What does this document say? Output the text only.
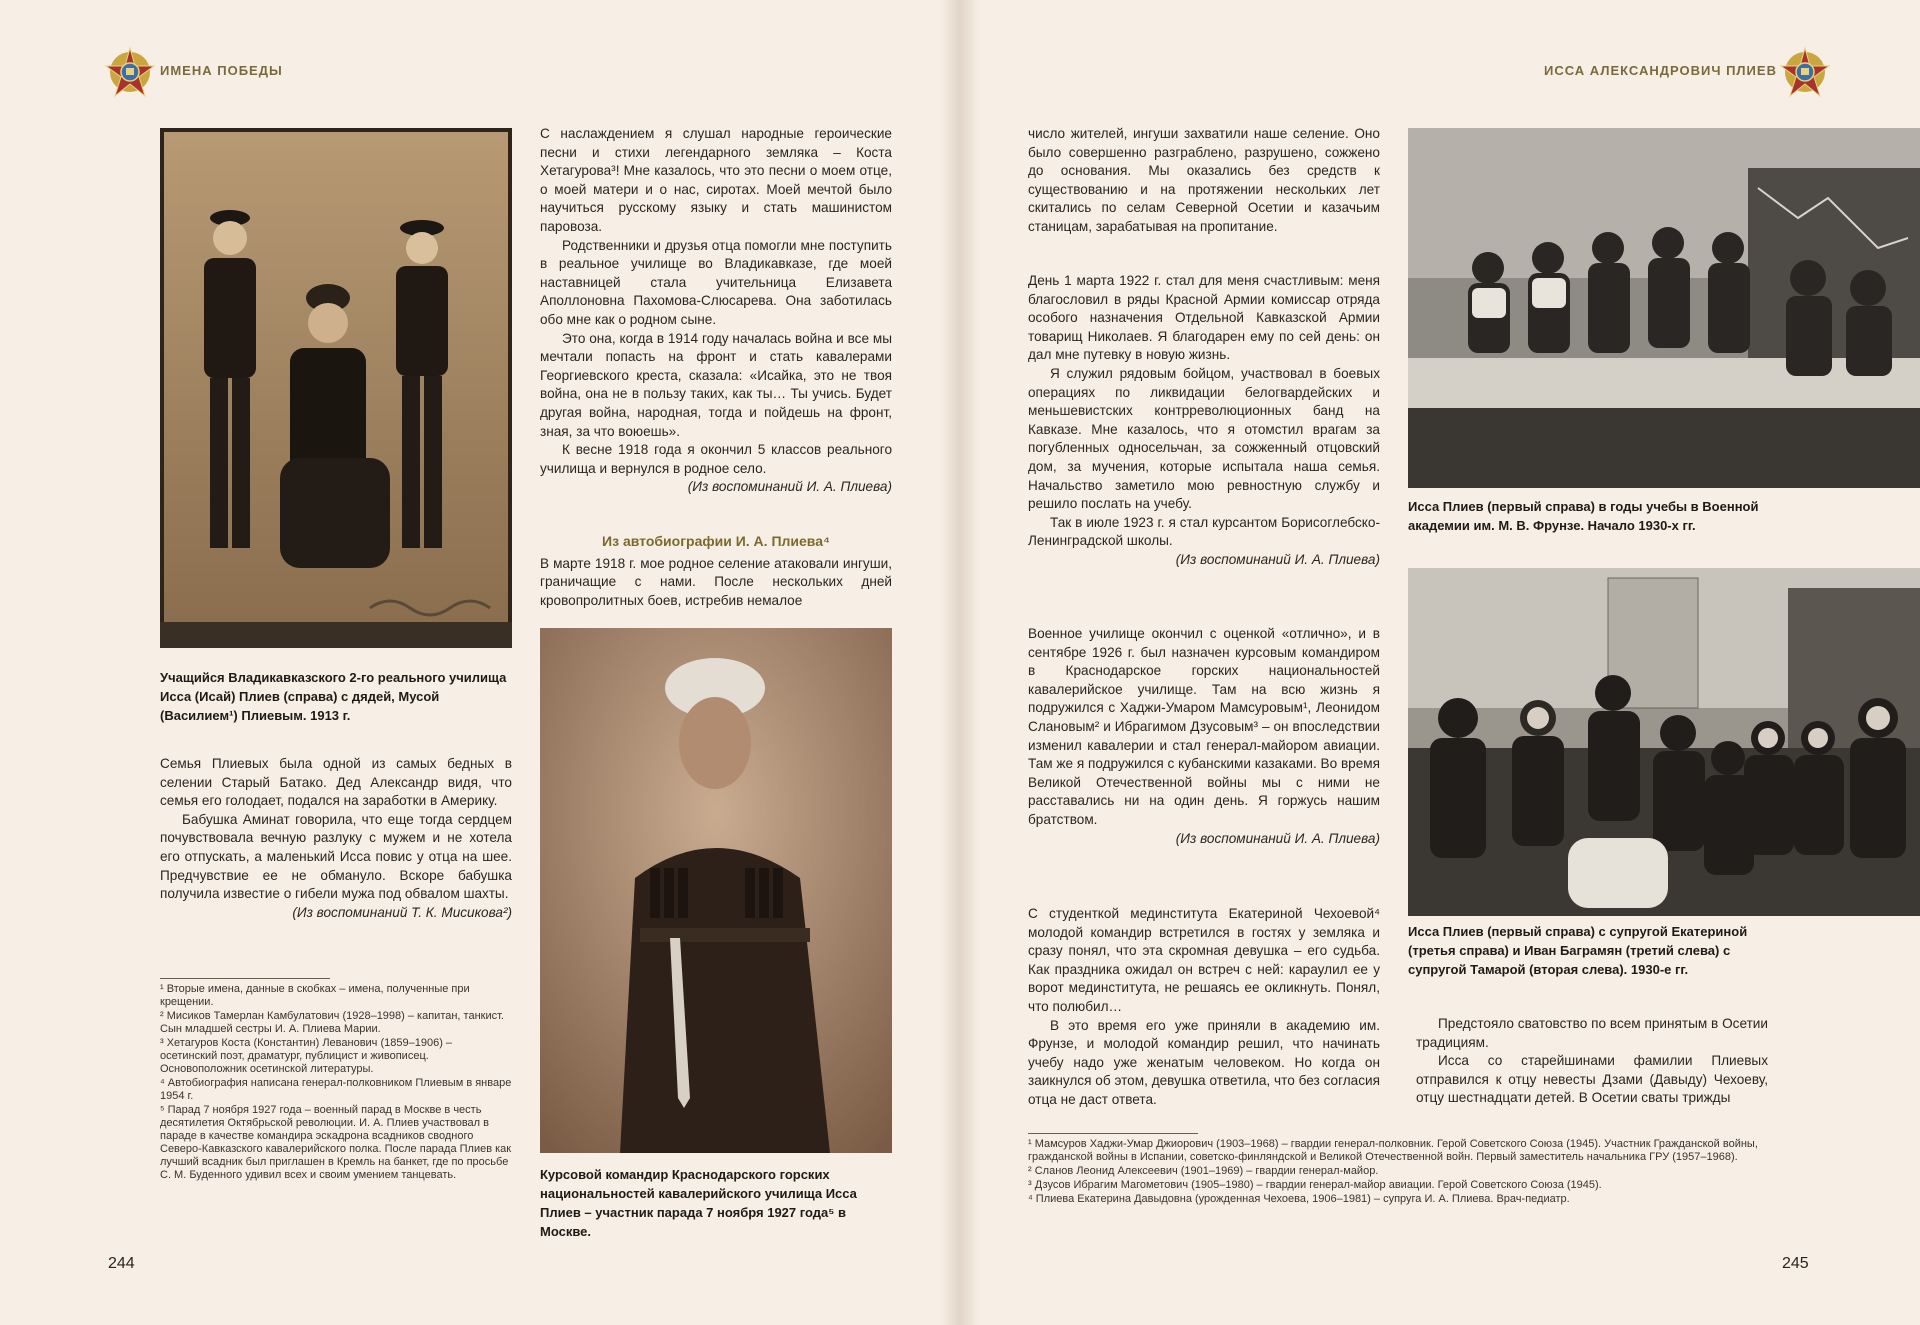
ИМЕНА ПОБЕДЫ
Учащийся Владикавказского 2-го реального училища Исса (Исай) Плиев (справа) с дядей, Мусой (Василием¹) Плиевым. 1913 г.

Семья Плиевых была одной из самых бедных в селении Старый Батако. Дед Александр видя, что семья его голодает, подался на заработки в Америку.

Бабушка Аминат говорила, что еще тогда сердцем почувствовала вечную разлуку с мужем и не хотела его отпускать, а маленький Исса повис у отца на шее. Предчувствие ее не обмануло. Вскоре бабушка получила известие о гибели мужа под обвалом шахты.

(Из воспоминаний Т. К. Мисикова²)

¹ Вторые имена, данные в скобках – имена, полученные при крещении.
² Мисиков Тамерлан Камбулатович (1928–1998) – капитан, танкист. Сын младшей сестры И. А. Плиева Марии.
³ Хетагуров Коста (Константин) Леванович (1859–1906) – осетинский поэт, драматург, публицист и живописец. Основоположник осетинской литературы.
⁴ Автобиография написана генерал-полковником Плиевым в январе 1954 г.
⁵ Парад 7 ноября 1927 года – военный парад в Москве в честь десятилетия Октябрьской революции. И. А. Плиев участвовал в параде в качестве командира эскадрона всадников сводного Северо-Кавказского кавалерийского полка. После парада Плиев как лучший всадник был приглашен в Кремль на банкет, где по просьбе С. М. Буденного удивил всех и своим умением танцевать.

С наслаждением я слушал народные героические песни и стихи легендарного земляка – Коста Хетагурова³! Мне казалось, что это песни о моем отце, о моей матери и о нас, сиротах. Моей мечтой было научиться русскому языку и стать машинистом паровоза.

Родственники и друзья отца помогли мне поступить в реальное училище во Владикавказе, где моей наставницей стала учительница Елизавета Аполлоновна Пахомова-Слюсарева. Она заботилась обо мне как о родном сыне.

Это она, когда в 1914 году началась война и все мы мечтали попасть на фронт и стать кавалерами Георгиевского креста, сказала: «Исайка, это не твоя война, она не в пользу таких, как ты… Ты учись. Будет другая война, народная, тогда и пойдешь на фронт, зная, за что воюешь».

К весне 1918 года я окончил 5 классов реального училища и вернулся в родное село.

(Из воспоминаний И. А. Плиева)

Из автобиографии И. А. Плиева⁴

В марте 1918 г. мое родное селение атаковали ингуши, граничащие с нами. После нескольких дней кровопролитных боев, истребив немалое

Курсовой командир Краснодарского горских национальностей кавалерийского училища Исса Плиев – участник парада 7 ноября 1927 года⁵ в Москве.
244
ИССА АЛЕКСАНДРОВИЧ ПЛИЕВ

число жителей, ингуши захватили наше селение. Оно было совершенно разграблено, разрушено, сожжено до основания. Мы оказались без средств к существованию и на протяжении нескольких лет скитались по селам Северной Осетии и казачьим станицам, зарабатывая на пропитание.

День 1 марта 1922 г. стал для меня счастливым: меня благословил в ряды Красной Армии комиссар отряда особого назначения Отдельной Кавказской Армии товарищ Николаев. Я благодарен ему по сей день: он дал мне путевку в новую жизнь.

Я служил рядовым бойцом, участвовал в боевых операциях по ликвидации белогвардейских и меньшевистских контрреволюционных банд на Кавказе. Мне казалось, что я отомстил врагам за погубленных односельчан, за сожженный отцовский дом, за мучения, которые испытала наша семья. Начальство заметило мою ревностную службу и решило послать на учебу.

Так в июле 1923 г. я стал курсантом Борисоглебско-Ленинградской школы.

(Из воспоминаний И. А. Плиева)

Военное училище окончил с оценкой «отлично», и в сентябре 1926 г. был назначен курсовым командиром в Краснодарское горских национальностей кавалерийское училище. Там на всю жизнь я подружился с Хаджи-Умаром Мамсуровым¹, Леонидом Слановым² и Ибрагимом Дзусовым³ – он впоследствии изменил кавалерии и стал генерал-майором авиации. Там же я подружился с кубанскими казаками. Во время Великой Отечественной войны мы с ними не расставались ни на один день. Я горжусь нашим братством.

(Из воспоминаний И. А. Плиева)

С студенткой мединститута Екатериной Чехоевой⁴ молодой командир встретился в гостях у земляка и сразу понял, что эта скромная девушка – его судьба. Как праздника ожидал он встреч с ней: караулил ее у ворот мединститута, не решаясь ее окликнуть. Понял, что полюбил…

В это время его уже приняли в академию им. Фрунзе, и молодой командир решил, что начинать учебу надо уже женатым человеком. Но когда он заикнулся об этом, девушка ответила, что без согласия отца не даст ответа.

Исса Плиев (первый справа) в годы учебы в Военной академии им. М. В. Фрунзе. Начало 1930-х гг.
Исса Плиев (первый справа) с супругой Екатериной (третья справа) и Иван Баграмян (третий слева) с супругой Тамарой (вторая слева). 1930-е гг.

Предстояло сватовство по всем принятым в Осетии традициям.

Исса со старейшинами фамилии Плиевых отправился к отцу невесты Дзами (Давыду) Чехоеву, отцу шестнадцати детей. В Осетии сваты трижды

¹ Мамсуров Хаджи-Умар Джиорович (1903–1968) – гвардии генерал-полковник. Герой Советского Союза (1945). Участник Гражданской войны, гражданской войны в Испании, советско-финляндской и Великой Отечественной войн. Первый заместитель начальника ГРУ (1957–1968).
² Сланов Леонид Алексеевич (1901–1969) – гвардии генерал-майор.
³ Дзусов Ибрагим Магометович (1905–1980) – гвардии генерал-майор авиации. Герой Советского Союза (1945).
⁴ Плиева Екатерина Давыдовна (урожденная Чехоева, 1906–1981) – супруга И. А. Плиева. Врач-педиатр.
245
